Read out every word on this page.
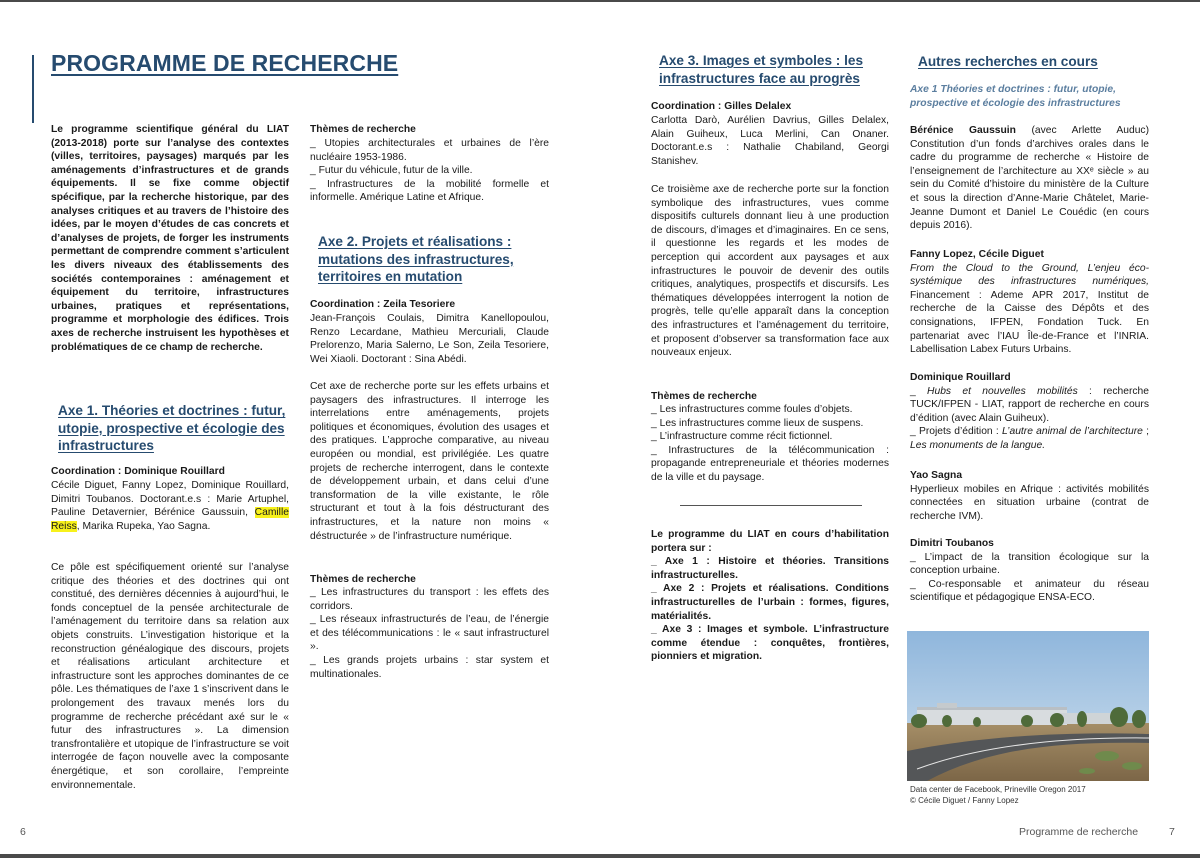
PROGRAMME DE RECHERCHE

Le programme scientifique général du LIAT (2013-2018) porte sur l’analyse des contextes (villes, territoires, paysages) marqués par les aménagements d’infrastructures et de grands équipements. Il se fixe comme objectif spécifique, par la recherche historique, par des analyses critiques et au travers de l’histoire des idées, par le moyen d’études de cas concrets et d’analyses de projets, de forger les instruments permettant de comprendre comment s’articulent les divers niveaux des établissements des sociétés contemporaines : aménagement et équipement du territoire, infrastructures urbaines, pratiques et représentations, programme et morphologie des édifices. Trois axes de recherche instruisent les hypothèses et problématiques de ce champ de recherche.

Axe 1. Théories et doctrines : futur, utopie, prospective et écologie des infrastructures

Coordination : Dominique Rouillard

Cécile Diguet, Fanny Lopez, Dominique Rouillard, Dimitri Toubanos. Doctorant.e.s : Marie Artuphel, Pauline Detavernier, Bérénice Gaussuin, Camille Reiss, Marika Rupeka, Yao Sagna.

Ce pôle est spécifiquement orienté sur l’analyse critique des théories et des doctrines qui ont constitué, des dernières décennies à aujourd’hui, le fonds conceptuel de la pensée architecturale de l’aménagement du territoire dans sa relation aux objets construits. L’investigation historique et la reconstruction généalogique des discours, projets et réalisations articulant architecture et infrastructure sont les approches dominantes de ce pôle. Les thématiques de l’axe 1 s’inscrivent dans le prolongement des travaux menés lors du programme de recherche précédant axé sur le « futur des infrastructures ». La dimension transfrontalière et utopique de l’infrastructure se voit interrogée de façon nouvelle avec la composante énergétique, et son corollaire, l’empreinte environnementale.

Thèmes de recherche

_ Utopies architecturales et urbaines de l’ère nucléaire 1953-1986.

_ Futur du véhicule, futur de la ville.

_ Infrastructures de la mobilité formelle et informelle. Amérique Latine et Afrique.

Axe 2. Projets et réalisations : mutations des infrastructures, territoires en mutation

Coordination : Zeila Tesoriere

Jean-François Coulais, Dimitra Kanellopoulou, Renzo Lecardane, Mathieu Mercuriali, Claude Prelorenzo, Maria Salerno, Le Son, Zeila Tesoriere, Wei Xiaoli. Doctorant : Sina Abédi.

Cet axe de recherche porte sur les effets urbains et paysagers des infrastructures. Il interroge les interrelations entre aménagements, projets politiques et économiques, évolution des usages et des pratiques. L’approche comparative, au niveau européen ou mondial, est privilégiée. Les quatre projets de recherche interrogent, dans le contexte de développement urbain, et dans celui d’une transformation de la ville existante, le rôle structurant et tout à la fois déstructurant des infrastructures, et la nature non moins « déstructurée » de l’infrastructure numérique.

Thèmes de recherche

_ Les infrastructures du transport : les effets des corridors.

_ Les réseaux infrastructurés de l’eau, de l’énergie et des télécommunications : le « saut infrastructurel ».

_ Les grands projets urbains : star system et multinationales.

6
Axe 3. Images et symboles : les infrastructures face au progrès

Coordination : Gilles Delalex

Carlotta Darò, Aurélien Davrius, Gilles Delalex, Alain Guiheux, Luca Merlini, Can Onaner. Doctorant.e.s : Nathalie Chabiland, Georgi Stanishev.

Ce troisième axe de recherche porte sur la fonction symbolique des infrastructures, vues comme dispositifs culturels donnant lieu à une production de discours, d’images et d’imaginaires. En ce sens, il questionne les regards et les modes de perception qui accordent aux paysages et aux infrastructures le pouvoir de devenir des outils critiques, analytiques, prospectifs et discursifs. Les thématiques développées interrogent la notion de progrès, telle qu’elle apparaît dans la conception des infrastructures et l’aménagement du territoire, et proposent d’observer sa transformation face aux nouveaux enjeux.

Thèmes de recherche

_ Les infrastructures comme foules d’objets.

_ Les infrastructures comme lieux de suspens.

_ L’infrastructure comme récit fictionnel.

_ Infrastructures de la télécommunication : propagande entrepreneuriale et théories modernes de la ville et du paysage.

Le programme du LIAT en cours d’habilitation portera sur :

_ Axe 1 : Histoire et théories. Transitions infrastructurelles.

_ Axe 2 : Projets et réalisations. Conditions infrastructurelles de l’urbain : formes, figures, matérialités.

_ Axe 3 : Images et symbole. L’infrastructure comme étendue : conquêtes, frontières, pionniers et migration.

Autres recherches en cours

Axe 1 Théories et doctrines : futur, utopie, prospective et écologie des infrastructures

Bérénice Gaussuin (avec Arlette Auduc) Constitution d’un fonds d’archives orales dans le cadre du programme de recherche « Histoire de l’enseignement de l’architecture au XXᵉ siècle » au sein du Comité d’histoire du ministère de la Culture et sous la direction d’Anne-Marie Châtelet, Marie-Jeanne Dumont et Daniel Le Couédic (en cours depuis 2016).

Fanny Lopez, Cécile Diguet

From the Cloud to the Ground, L’enjeu éco-systémique des infrastructures numériques, Financement : Ademe APR 2017, Institut de recherche de la Caisse des Dépôts et des consignations, IFPEN, Fondation Tuck. En partenariat avec l’IAU Île-de-France et l’INRIA. Labellisation Labex Futurs Urbains.

Dominique Rouillard

_ Hubs et nouvelles mobilités : recherche TUCK/IFPEN - LIAT, rapport de recherche en cours d’édition (avec Alain Guiheux).

_ Projets d’édition : L’autre animal de l’architecture ; Les monuments de la langue.

Yao Sagna

Hyperlieux mobiles en Afrique : activités mobilités connectées en situation urbaine (contrat de recherche IVM).

Dimitri Toubanos

_ L’impact de la transition écologique sur la conception urbaine.

_ Co-responsable et animateur du réseau scientifique et pédagogique ENSA-ECO.

Data center de Facebook, Prineville Oregon 2017

© Cécile Diguet / Fanny Lopez

Programme de recherche	7
